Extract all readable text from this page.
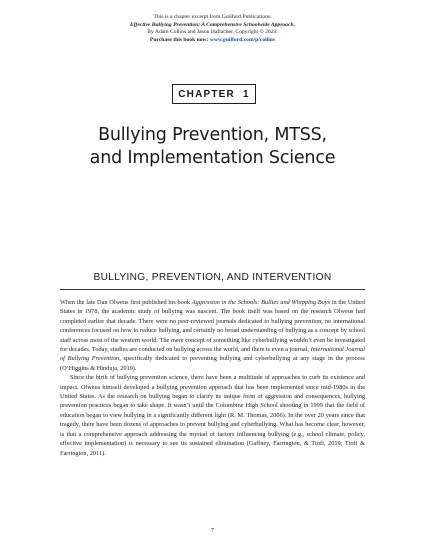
This is a chapter excerpt from Guilford Publications.
Effective Bullying Prevention: A Comprehensive Schoolwide Approach.
By Adam Collins and Jason Haflacher. Copyright © 2023.
Purchase this book now: www.guilford.com/p/collins
CHAPTER 1
Bullying Prevention, MTSS,
and Implementation Science
BULLYING, PREVENTION, AND INTERVENTION

When the late Dan Olweus first published his book Aggression in the Schools: Bullies and Whipping Boys in the United States in 1978, the academic study of bullying was nascent. The book itself was based on the research Olweus had completed earlier that decade. There were no peer-reviewed journals dedicated to bullying prevention, no international conferences focused on how to reduce bullying, and certainly no broad understanding of bullying as a concept by school staff across most of the western world. The mere concept of something like cyberbullying wouldn’t even be investigated for decades. Today, studies are conducted on bullying across the world, and there is even a journal, International Journal of Bullying Prevention, specifically dedicated to preventing bullying and cyberbullying at any stage in the process (O’Higgins & Hinduja, 2019).

Since the birth of bullying prevention science, there have been a multitude of approaches to curb its existence and impact. Olweus himself developed a bullying prevention approach that has been implemented since mid-1980s in the United States. As the research on bullying began to clarify its unique form of aggression and consequences, bullying prevention practices began to take shape. It wasn’t until the Columbine High School shooting in 1999 that the field of education began to view bullying in a significantly different light (R. M. Thomas, 2006). In the over 20 years since that tragedy, there have been dozens of approaches to prevent bullying and cyberbullying. What has become clear, however, is that a comprehensive approach addressing the myriad of factors influencing bullying (e.g., school climate, policy, effective implementation) is necessary to see its sustained elimination (Gaffney, Farrington, & Ttofi, 2019; Ttofi & Farrington, 2011).

7
